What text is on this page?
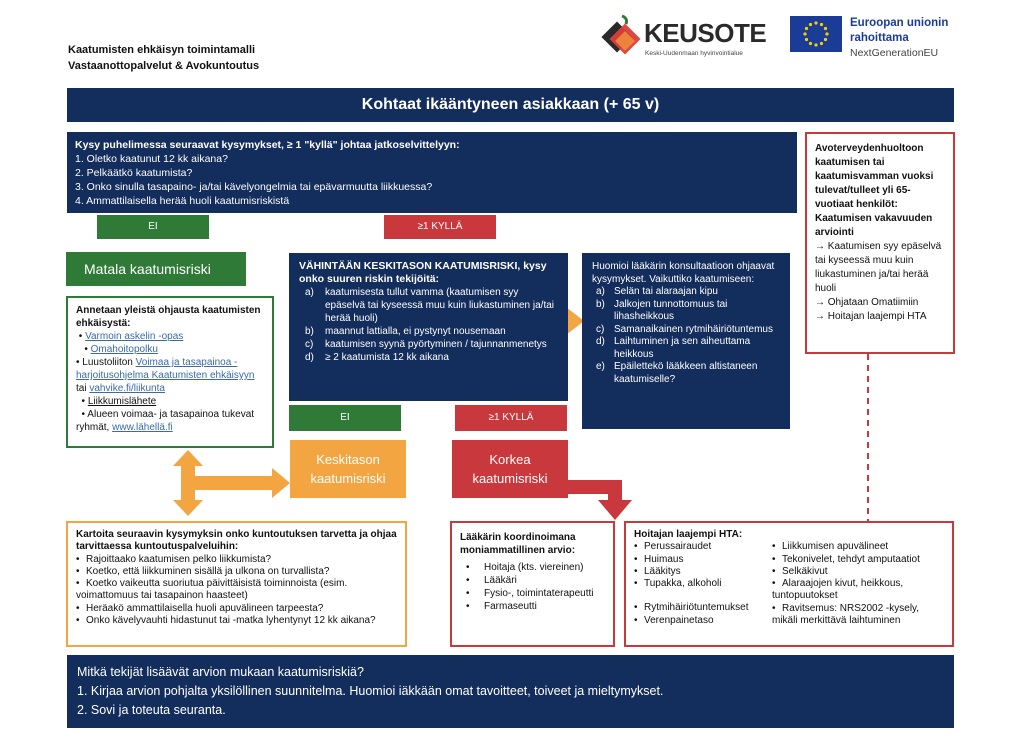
Kaatumisten ehkäisyn toimintamalli
Vastaanottopalvelut & Avokuntoutus
KEUSOTE
Keski-Uudenmaan hyvinvointialue
Euroopan unionin
rahoittama
NextGenerationEU
Kohtaat ikääntyneen asiakkaan (+ 65 v)
Kysy puhelimessa seuraavat kysymykset, ≥ 1 "kyllä" johtaa jatkoselvittelyyn:
1. Oletko kaatunut 12 kk aikana?
2. Pelkäätkö kaatumista?
3. Onko sinulla tasapaino- ja/tai kävelyongelmia tai epävarmuutta liikkuessa?
4. Ammattilaisella herää huoli kaatumisriskistä
Avoterveydenhuoltoon kaatumisen tai kaatumisvamman vuoksi tulevat/tulleet yli 65-vuotiaat henkilöt: Kaatumisen vakavuuden arviointi
→ Kaatumisen syy epäselvä tai kyseessä muu kuin liukastuminen ja/tai herää huoli
→ Ohjataan Omatiimiin
→ Hoitajan laajempi HTA
EI	≥1 KYLLÄ
Matala kaatumisriski
Annetaan yleistä ohjausta kaatumisten ehkäisystä:
• Varmoin askelin -opas
• Omahoitopolku
• Luustoliiton Voimaa ja tasapainoa - harjoitusohjelma Kaatumisten ehkäisyyn tai vahvike.fi/liikunta
• Liikkumislähete
• Alueen voimaa- ja tasapainoa tukevat ryhmät, www.lähellä.fi
VÄHINTÄÄN KESKITASON KAATUMISRISKI, kysy onko suuren riskin tekijöitä:
a)	kaatumisesta tullut vamma (kaatumisen syy epäselvä tai kyseessä muu kuin liukastuminen ja/tai herää huoli)
b)	maannut lattialla, ei pystynyt nousemaan
c)	kaatumisen syynä pyörtyminen / tajunnanmenetys
d)	≥ 2 kaatumista 12 kk aikana
Huomioi lääkärin konsultaatioon ohjaavat kysymykset. Vaikuttiko kaatumiseen:
a) Selän tai alaraajan kipu
b) Jalkojen tunnottomuus tai lihasheikkous
c) Samanaikainen rytmihäiriötuntemus
d) Laihtuminen ja sen aiheuttama heikkous
e) Epäilettekö lääkkeen altistaneen kaatumiselle?
EI	≥1 KYLLÄ
Keskitason kaatumisriski
Korkea kaatumisriski
Kartoita seuraavin kysymyksin onko kuntoutuksen tarvetta ja ohjaa tarvittaessa kuntoutuspalveluihin:
• Rajoittaako kaatumisen pelko liikkumista?
• Koetko, että liikkuminen sisällä ja ulkona on turvallista?
• Koetko vaikeutta suoriutua päivittäisistä toiminnoista (esim. voimattomuus tai tasapainon haasteet)
• Heräakö ammattilaisella huoli apuvälineen tarpeesta?
• Onko kävelyvauhti hidastunut tai -matka lyhentynyt 12 kk aikana?
Lääkärin koordinoimana moniammatillinen arvio:
• Hoitaja (kts. viereinen)
• Lääkäri
• Fysio-, toimintaterapeutti
• Farmaseutti
Hoitajan laajempi HTA:
• Perussairaudet
• Huimaus
• Lääkitys
• Tupakka, alkoholi
• Rytmihäiriötuntemukset
• Verenpainetaso
• Liikkumisen apuvälineet
• Tekonivelet, tehdyt amputaatiot
• Selkäkivut
• Alaraajojen kivut, heikkous, tuntopuutokset
• Ravitsemus: NRS2002 -kysely, mikäli merkittävä laihtuminen
Mitkä tekijät lisäävät arvion mukaan kaatumisriskiä?
1. Kirjaa arvion pohjalta yksilöllinen suunnitelma. Huomioi iäkkään omat tavoitteet, toiveet ja mieltymykset.
2. Sovi ja toteuta seuranta.
